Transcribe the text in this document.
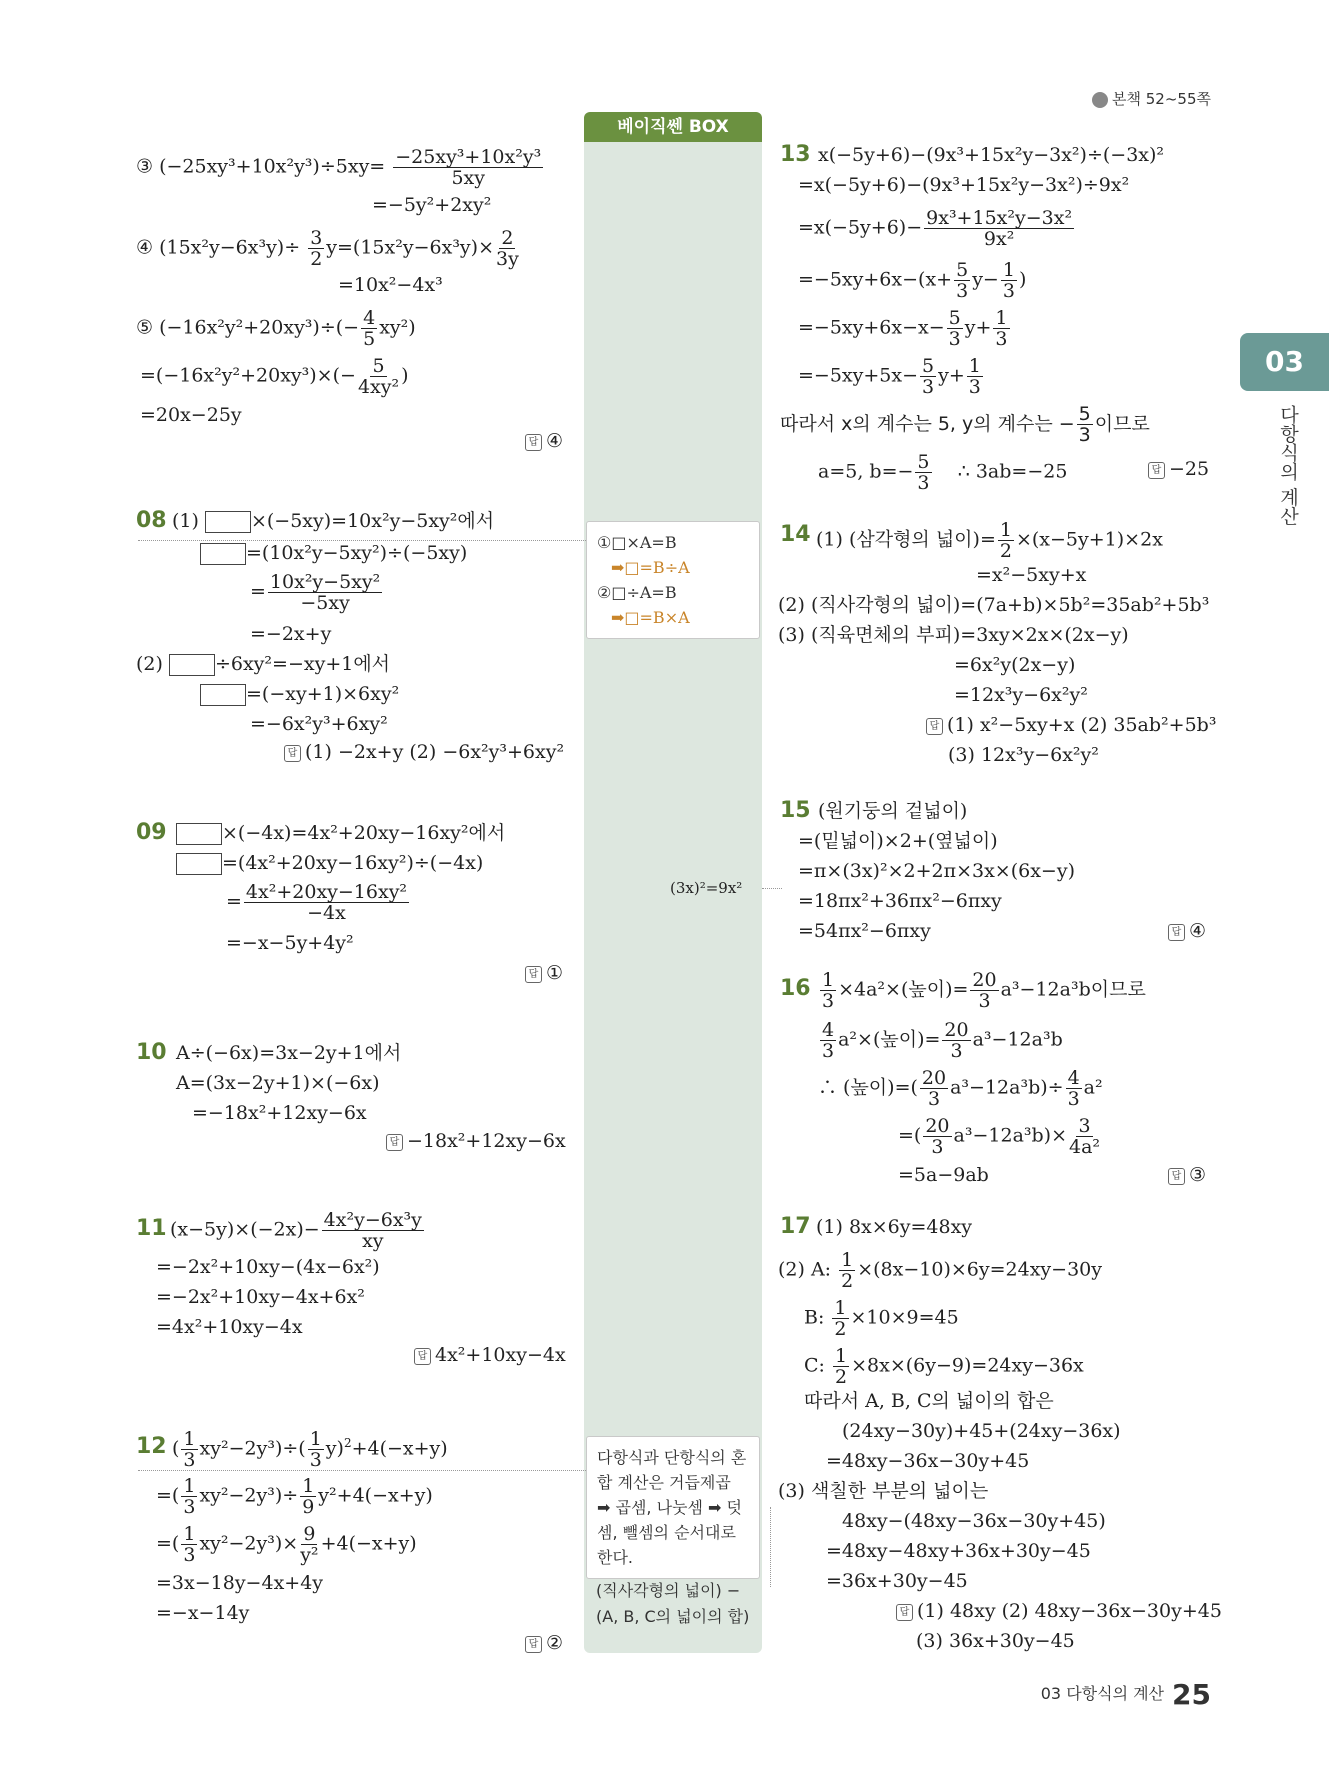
본책 52~55쪽
03
다항식의 계산
베이직쎈 BOX
①□×A=B
➡□=B÷A
②□÷A=B
➡□=B×A
(3x)²=9x²
다항식과 단항식의 혼합 계산은 거듭제곱 ➡ 곱셈, 나눗셈 ➡ 덧셈, 뺄셈의 순서대로 한다.
(직사각형의 넓이) −(A, B, C의 넓이의 합)
③ $(-25xy^3+10x^2y^3)\div 5xy= \frac{\text{−25xy³+10x²y³}}{5xy}$
=−5y²+2xy²
④ $(15x^2y-6x^3y)\div \frac{3}{2} y=(15x^2y-6x^3y)\times \frac{2}{3y}$
=10x²−4x³
⑤ $(-16x^2y^2+20xy^3)\div(- \frac{4}{5} xy^2)$
$=(-16x^2y^2+20xy^3)\times(- \frac{5}{\text{4xy²}}$ )
=20x−25y
답 ④
08 (1) ×(−5xy)=10x²y−5xy²에서
=(10x²y−5xy²)÷(−5xy)
= $\frac{\text{10x²y−5xy²}}{-5xy}$
=−2x+y
(2) ÷6xy²=−xy+1에서
=(−xy+1)×6xy²
=−6x²y³+6xy²
답 (1) −2x+y (2) −6x²y³+6xy²
09	×(−4x)=4x²+20xy−16xy²에서
=(4x²+20xy−16xy²)÷(−4x)
= $\frac{\text{4x²+20xy−16xy²}}{-4x}$
=−x−5y+4y²
답 ①
10 A÷(−6x)=3x−2y+1에서
A=(3x−2y+1)×(−6x)
=−18x²+12xy−6x
답 −18x²+12xy−6x
11 $(x-5y)\times(-2x)- \frac{\text{4x²y−6x³y}}{xy}$
=−2x²+10xy−(4x−6x²)
=−2x²+10xy−4x+6x²
=4x²+10xy−4x
답 4x²+10xy−4x
12 ( $\frac{1}{3} xy^2-2y^3)\div( \frac{1}{3} y)^2+4(-x+y)$
=( $\frac{1}{3} xy^2-2y^3)\div \frac{1}{9} y^2+4(-x+y)$
=( $\frac{1}{3} xy^2-2y^3)\times \frac{9}{\text{y²}} +4(-x+y)$
=3x−18y−4x+4y
=−x−14y
답 ②
13 x(−5y+6)−(9x³+15x²y−3x²)÷(−3x)²
=x(−5y+6)−(9x³+15x²y−3x²)÷9x²
$=x(-5y+6)- \frac{\text{9x³+15x²y−3x²}}{\text{9x²}}$
$=-5xy+6x-(x+ \frac{5}{3} y- \frac{1}{3}$ )
$=-5xy+6x-x- \frac{5}{3} y+ \frac{1}{3}$
$=-5xy+5x- \frac{5}{3} y+ \frac{1}{3}$
따라서 x의 계수는 5, y의 계수는 − $\frac{5}{3}$ 이므로
a=5, $b=- \frac{5}{3}$ ∴ 3ab=−25	답 −25
14 (1) (삼각형의 넓이)= $\frac{1}{2} \times(x-5y+1)\times 2x$
=x²−5xy+x
(2) (직사각형의 넓이)=(7a+b)×5b²=35ab²+5b³
(3) (직육면체의 부피)=3xy×2x×(2x−y)
=6x²y(2x−y)
=12x³y−6x²y²
답 (1) x²−5xy+x (2) 35ab²+5b³
(3) 12x³y−6x²y²
15 (원기둥의 겉넓이)
=(밑넓이)×2+(옆넓이)
=π×(3x)²×2+2π×3x×(6x−y)
=18πx²+36πx²−6πxy
=54πx²−6πxy	답 ④
$16 \frac{1}{3} \times 4a^2\times$(높이)= $\frac{20}{3} a^3-12a^3b$이므로
$\frac{4}{3} a^2\times$(높이)= $\frac{20}{3} a^3-12a^3b$
∴ (높이)=( $\frac{20}{3} a^3-12a^3b)\div \frac{4}{3} a^2$
=( $\frac{20}{3} a^3-12a^3b)\times \frac{3}{\text{4a²}}$
=5a−9ab	답 ③
17 (1) 8x×6y=48xy
(2) A: $\frac{1}{2} \times(8x-10)\times 6y=24xy-30y$
B: $\frac{1}{2} \times 10\times 9=45$
C: $\frac{1}{2} \times 8x\times(6y-9)=24xy-36x$
따라서 A, B, C의 넓이의 합은
(24xy−30y)+45+(24xy−36x)
=48xy−36x−30y+45
(3) 색칠한 부분의 넓이는
48xy−(48xy−36x−30y+45)
=48xy−48xy+36x+30y−45
=36x+30y−45
답 (1) 48xy (2) 48xy−36x−30y+45
(3) 36x+30y−45
03 다항식의 계산 25
